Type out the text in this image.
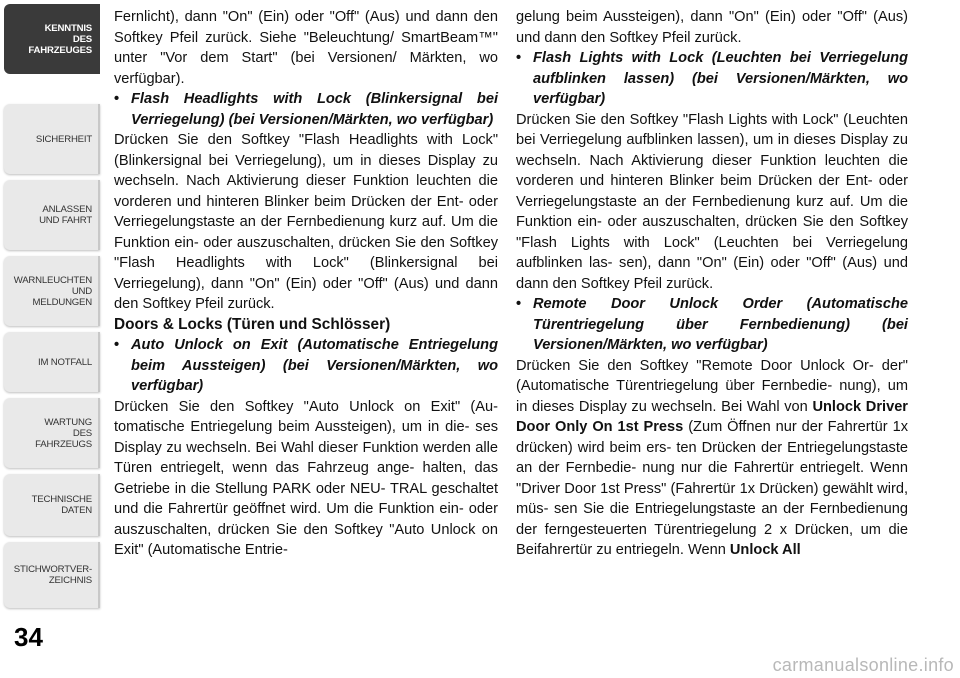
KENNTNIS
DES
FAHRZEUGES
SICHERHEIT
ANLASSEN
UND FAHRT
WARNLEUCHTEN
UND
MELDUNGEN
IM NOTFALL
WARTUNG
DES
FAHRZEUGS
TECHNISCHE
DATEN
STICHWORTVER-
ZEICHNIS
34

Fernlicht), dann "On" (Ein) oder "Off" (Aus) und dann den Softkey Pfeil zurück. Siehe "Beleuchtung/ SmartBeam™" unter "Vor dem Start" (bei Versionen/ Märkten, wo verfügbar).

• Flash Headlights with Lock (Blinkersignal bei Verriegelung) (bei Versionen/Märkten, wo verfügbar)

Drücken Sie den Softkey "Flash Headlights with Lock" (Blinkersignal bei Verriegelung), um in dieses Display zu wechseln. Nach Aktivierung dieser Funktion leuchten die vorderen und hinteren Blinker beim Drücken der Ent- oder Verriegelungstaste an der Fernbedienung kurz auf. Um die Funktion ein- oder auszuschalten, drücken Sie den Softkey "Flash Headlights with Lock" (Blinkersignal bei Verriegelung), dann "On" (Ein) oder "Off" (Aus) und dann den Softkey Pfeil zurück.

Doors & Locks (Türen und Schlösser)

• Auto Unlock on Exit (Automatische Entriegelung beim Aussteigen) (bei Versionen/Märkten, wo verfügbar)

Drücken Sie den Softkey "Auto Unlock on Exit" (Au- tomatische Entriegelung beim Aussteigen), um in die- ses Display zu wechseln. Bei Wahl dieser Funktion werden alle Türen entriegelt, wenn das Fahrzeug ange- halten, das Getriebe in die Stellung PARK oder NEU- TRAL geschaltet und die Fahrertür geöffnet wird. Um die Funktion ein- oder auszuschalten, drücken Sie den Softkey "Auto Unlock on Exit" (Automatische Entrie-

gelung beim Aussteigen), dann "On" (Ein) oder "Off" (Aus) und dann den Softkey Pfeil zurück.

• Flash Lights with Lock (Leuchten bei Verriegelung aufblinken lassen) (bei Versionen/Märkten, wo verfügbar)

Drücken Sie den Softkey "Flash Lights with Lock" (Leuchten bei Verriegelung aufblinken lassen), um in dieses Display zu wechseln. Nach Aktivierung dieser Funktion leuchten die vorderen und hinteren Blinker beim Drücken der Ent- oder Verriegelungstaste an der Fernbedienung kurz auf. Um die Funktion ein- oder auszuschalten, drücken Sie den Softkey "Flash Lights with Lock" (Leuchten bei Verriegelung aufblinken las- sen), dann "On" (Ein) oder "Off" (Aus) und dann den Softkey Pfeil zurück.

• Remote Door Unlock Order (Automatische Türentriegelung über Fernbedienung) (bei Versionen/Märkten, wo verfügbar)

Drücken Sie den Softkey "Remote Door Unlock Or- der" (Automatische Türentriegelung über Fernbedie- nung), um in dieses Display zu wechseln. Bei Wahl von Unlock Driver Door Only On 1st Press (Zum Öffnen nur der Fahrertür 1x drücken) wird beim ers- ten Drücken der Entriegelungstaste an der Fernbedie- nung nur die Fahrertür entriegelt. Wenn "Driver Door 1st Press" (Fahrertür 1x Drücken) gewählt wird, müs- sen Sie die Entriegelungstaste an der Fernbedienung der ferngesteuerten Türentriegelung 2 x Drücken, um die Beifahrertür zu entriegeln. Wenn Unlock All

carmanualsonline.info
